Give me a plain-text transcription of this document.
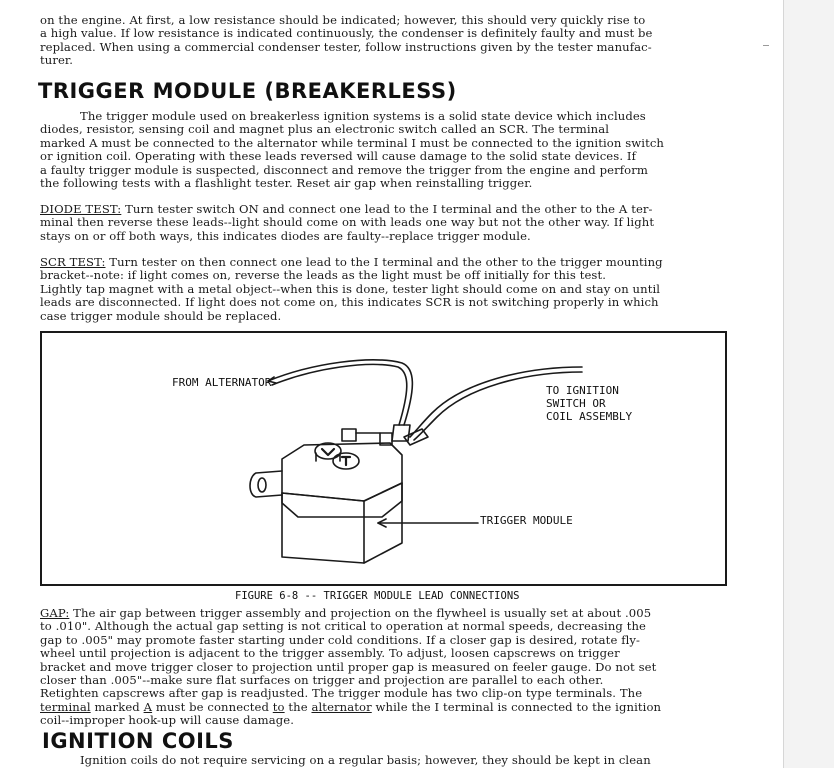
on the engine. At first, a low resistance should be indicated; however, this should very quickly rise to
a high value. If low resistance is indicated continuously, the condenser is definitely faulty and must be
replaced. When using a commercial condenser tester, follow instructions given by the tester manufac-
turer.
TRIGGER MODULE (BREAKERLESS)
The trigger module used on breakerless ignition systems is a solid state device which includes
diodes, resistor, sensing coil and magnet plus an electronic switch called an SCR. The terminal
marked A must be connected to the alternator while terminal I must be connected to the ignition switch
or ignition coil. Operating with these leads reversed will cause damage to the solid state devices. If
a faulty trigger module is suspected, disconnect and remove the trigger from the engine and perform
the following tests with a flashlight tester. Reset air gap when reinstalling trigger.
DIODE TEST: Turn tester switch ON and connect one lead to the I terminal and the other to the A ter-
minal then reverse these leads--light should come on with leads one way but not the other way. If light
stays on or off both ways, this indicates diodes are faulty--replace trigger module.
SCR TEST: Turn tester on then connect one lead to the I terminal and the other to the trigger mounting
bracket--note: if light comes on, reverse the leads as the light must be off initially for this test.
Lightly tap magnet with a metal object--when this is done, tester light should come on and stay on until
leads are disconnected. If light does not come on, this indicates SCR is not switching properly in which
case trigger module should be replaced.
FROM ALTERNATOR
TO IGNITION
SWITCH OR
COIL ASSEMBLY
TRIGGER MODULE
FIGURE 6-8 -- TRIGGER MODULE LEAD CONNECTIONS
GAP: The air gap between trigger assembly and projection on the flywheel is usually set at about .005
to .010". Although the actual gap setting is not critical to operation at normal speeds, decreasing the
gap to .005" may promote faster starting under cold conditions. If a closer gap is desired, rotate fly-
wheel until projection is adjacent to the trigger assembly. To adjust, loosen capscrews on trigger
bracket and move trigger closer to projection until proper gap is measured on feeler gauge. Do not set
closer than .005"--make sure flat surfaces on trigger and projection are parallel to each other.
Retighten capscrews after gap is readjusted. The trigger module has two clip-on type terminals. The
terminal marked A must be connected to the alternator while the I terminal is connected to the ignition
coil--improper hook-up will cause damage.
IGNITION COILS
Ignition coils do not require servicing on a regular basis; however, they should be kept in clean
